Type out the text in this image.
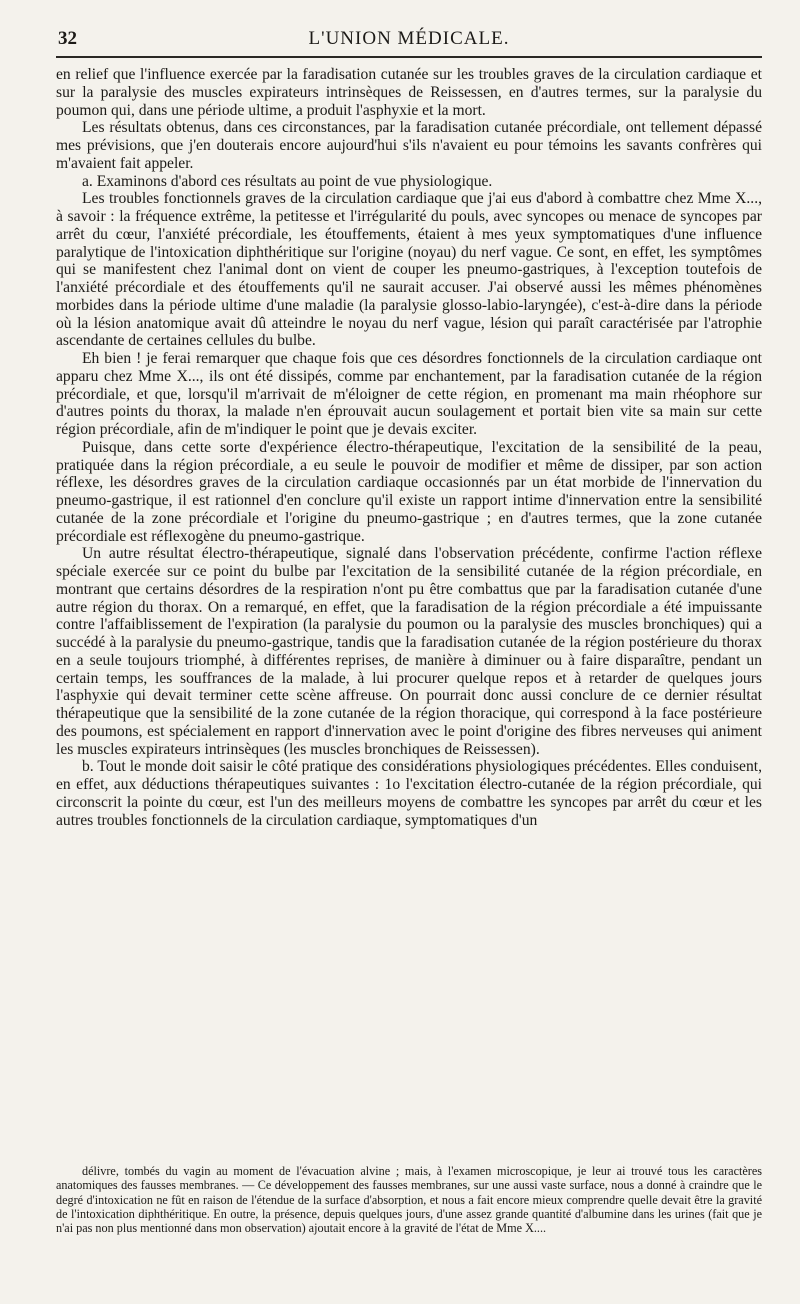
32	L'UNION MÉDICALE.

en relief que l'influence exercée par la faradisation cutanée sur les troubles graves de la circulation cardiaque et sur la paralysie des muscles expirateurs intrinsèques de Reissessen, en d'autres termes, sur la paralysie du poumon qui, dans une période ultime, a produit l'asphyxie et la mort.

Les résultats obtenus, dans ces circonstances, par la faradisation cutanée précordiale, ont tellement dépassé mes prévisions, que j'en douterais encore aujourd'hui s'ils n'avaient eu pour témoins les savants confrères qui m'avaient fait appeler.

a. Examinons d'abord ces résultats au point de vue physiologique.

Les troubles fonctionnels graves de la circulation cardiaque que j'ai eus d'abord à combattre chez Mme X..., à savoir : la fréquence extrême, la petitesse et l'irrégularité du pouls, avec syncopes ou menace de syncopes par arrêt du cœur, l'anxiété précordiale, les étouffements, étaient à mes yeux symptomatiques d'une influence paralytique de l'intoxication diphthéritique sur l'origine (noyau) du nerf vague. Ce sont, en effet, les symptômes qui se manifestent chez l'animal dont on vient de couper les pneumo-gastriques, à l'exception toutefois de l'anxiété précordiale et des étouffements qu'il ne saurait accuser. J'ai observé aussi les mêmes phénomènes morbides dans la période ultime d'une maladie (la paralysie glosso-labio-laryngée), c'est-à-dire dans la période où la lésion anatomique avait dû atteindre le noyau du nerf vague, lésion qui paraît caractérisée par l'atrophie ascendante de certaines cellules du bulbe.

Eh bien ! je ferai remarquer que chaque fois que ces désordres fonctionnels de la circulation cardiaque ont apparu chez Mme X..., ils ont été dissipés, comme par enchantement, par la faradisation cutanée de la région précordiale, et que, lorsqu'il m'arrivait de m'éloigner de cette région, en promenant ma main rhéophore sur d'autres points du thorax, la malade n'en éprouvait aucun soulagement et portait bien vite sa main sur cette région précordiale, afin de m'indiquer le point que je devais exciter.

Puisque, dans cette sorte d'expérience électro-thérapeutique, l'excitation de la sensibilité de la peau, pratiquée dans la région précordiale, a eu seule le pouvoir de modifier et même de dissiper, par son action réflexe, les désordres graves de la circulation cardiaque occasionnés par un état morbide de l'innervation du pneumo-gastrique, il est rationnel d'en conclure qu'il existe un rapport intime d'innervation entre la sensibilité cutanée de la zone précordiale et l'origine du pneumo-gastrique ; en d'autres termes, que la zone cutanée précordiale est réflexogène du pneumo-gastrique.

Un autre résultat électro-thérapeutique, signalé dans l'observation précédente, confirme l'action réflexe spéciale exercée sur ce point du bulbe par l'excitation de la sensibilité cutanée de la région précordiale, en montrant que certains désordres de la respiration n'ont pu être combattus que par la faradisation cutanée d'une autre région du thorax. On a remarqué, en effet, que la faradisation de la région précordiale a été impuissante contre l'affaiblissement de l'expiration (la paralysie du poumon ou la paralysie des muscles bronchiques) qui a succédé à la paralysie du pneumo-gastrique, tandis que la faradisation cutanée de la région postérieure du thorax en a seule toujours triomphé, à différentes reprises, de manière à diminuer ou à faire disparaître, pendant un certain temps, les souffrances de la malade, à lui procurer quelque repos et à retarder de quelques jours l'asphyxie qui devait terminer cette scène affreuse. On pourrait donc aussi conclure de ce dernier résultat thérapeutique que la sensibilité de la zone cutanée de la région thoracique, qui correspond à la face postérieure des poumons, est spécialement en rapport d'innervation avec le point d'origine des fibres nerveuses qui animent les muscles expirateurs intrinsèques (les muscles bronchiques de Reissessen).

b. Tout le monde doit saisir le côté pratique des considérations physiologiques précédentes. Elles conduisent, en effet, aux déductions thérapeutiques suivantes : 1o l'excitation électro-cutanée de la région précordiale, qui circonscrit la pointe du cœur, est l'un des meilleurs moyens de combattre les syncopes par arrêt du cœur et les autres troubles fonctionnels de la circulation cardiaque, symptomatiques d'un

délivre, tombés du vagin au moment de l'évacuation alvine ; mais, à l'examen microscopique, je leur ai trouvé tous les caractères anatomiques des fausses membranes. — Ce développement des fausses membranes, sur une aussi vaste surface, nous a donné à craindre que le degré d'intoxication ne fût en raison de l'étendue de la surface d'absorption, et nous a fait encore mieux comprendre quelle devait être la gravité de l'intoxication diphthéritique. En outre, la présence, depuis quelques jours, d'une assez grande quantité d'albumine dans les urines (fait que je n'ai pas non plus mentionné dans mon observation) ajoutait encore à la gravité de l'état de Mme X....
